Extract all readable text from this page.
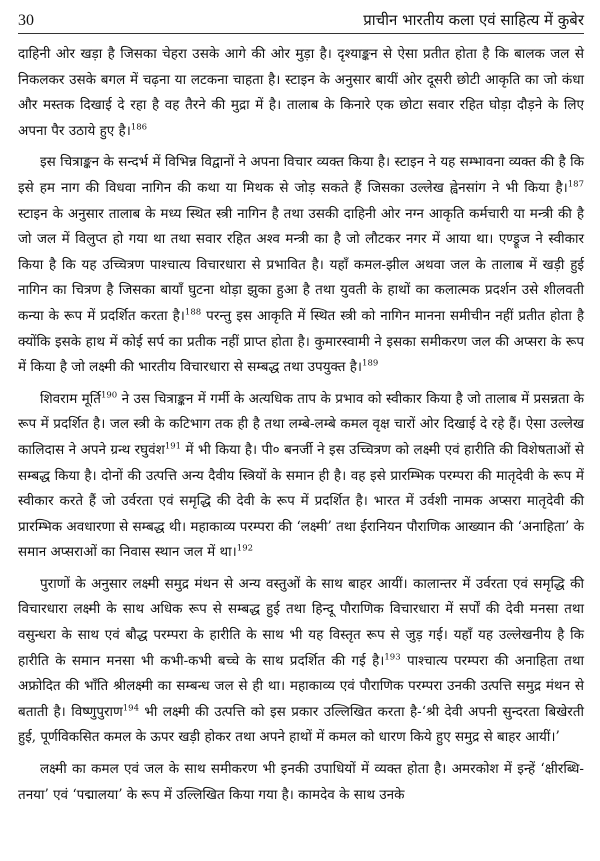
30	प्राचीन भारतीय कला एवं साहित्य में कुबेर

दाहिनी ओर खड़ा है जिसका चेहरा उसके आगे की ओर मुड़ा है। दृश्याङ्कन से ऐसा प्रतीत होता है कि बालक जल से निकलकर उसके बगल में चढ़ना या लटकना चाहता है। स्टाइन के अनुसार बायीं ओर दूसरी छोटी आकृति का जो कंधा और मस्तक दिखाई दे रहा है वह तैरने की मुद्रा में है। तालाब के किनारे एक छोटा सवार रहित घोड़ा दौड़ने के लिए अपना पैर उठाये हुए है।$^{186}$

इस चित्राङ्कन के सन्दर्भ में विभिन्न विद्वानों ने अपना विचार व्यक्त किया है। स्टाइन ने यह सम्भावना व्यक्त की है कि इसे हम नाग की विधवा नागिन की कथा या मिथक से जोड़ सकते हैं जिसका उल्लेख ह्वेनसांग ने भी किया है।$^{187}$ स्टाइन के अनुसार तालाब के मध्य स्थित स्त्री नागिन है तथा उसकी दाहिनी ओर नग्न आकृति कर्मचारी या मन्त्री की है जो जल में विलुप्त हो गया था तथा सवार रहित अश्व मन्त्री का है जो लौटकर नगर में आया था। एण्ड्रूज ने स्वीकार किया है कि यह उच्चित्रण पाश्चात्य विचारधारा से प्रभावित है। यहाँ कमल-झील अथवा जल के तालाब में खड़ी हुई नागिन का चित्रण है जिसका बायाँ घुटना थोड़ा झुका हुआ है तथा युवती के हाथों का कलात्मक प्रदर्शन उसे शीलवती कन्या के रूप में प्रदर्शित करता है।$^{188}$ परन्तु इस आकृति में स्थित स्त्री को नागिन मानना समीचीन नहीं प्रतीत होता है क्योंकि इसके हाथ में कोई सर्प का प्रतीक नहीं प्राप्त होता है। कुमारस्वामी ने इसका समीकरण जल की अप्सरा के रूप में किया है जो लक्ष्मी की भारतीय विचारधारा से सम्बद्ध तथा उपयुक्त है।$^{189}$

शिवराम मूर्ति$^{190}$ ने उस चित्राङ्कन में गर्मी के अत्यधिक ताप के प्रभाव को स्वीकार किया है जो तालाब में प्रसन्नता के रूप में प्रदर्शित है। जल स्त्री के कटिभाग तक ही है तथा लम्बे-लम्बे कमल वृक्ष चारों ओर दिखाई दे रहे हैं। ऐसा उल्लेख कालिदास ने अपने ग्रन्थ रघुवंश$^{191}$ में भी किया है। पी० बनर्जी ने इस उच्चित्रण को लक्ष्मी एवं हारीति की विशेषताओं से सम्बद्ध किया है। दोनों की उत्पत्ति अन्य दैवीय स्त्रियों के समान ही है। वह इसे प्रारम्भिक परम्परा की मातृदेवी के रूप में स्वीकार करते हैं जो उर्वरता एवं समृद्धि की देवी के रूप में प्रदर्शित है। भारत में उर्वशी नामक अप्सरा मातृदेवी की प्रारम्भिक अवधारणा से सम्बद्ध थी। महाकाव्य परम्परा की ‘लक्ष्मी’ तथा ईरानियन पौराणिक आख्यान की ‘अनाहिता’ के समान अप्सराओं का निवास स्थान जल में था।$^{192}$

पुराणों के अनुसार लक्ष्मी समुद्र मंथन से अन्य वस्तुओं के साथ बाहर आयीं। कालान्तर में उर्वरता एवं समृद्धि की विचारधारा लक्ष्मी के साथ अधिक रूप से सम्बद्ध हुई तथा हिन्दू पौराणिक विचारधारा में सर्पों की देवी मनसा तथा वसुन्धरा के साथ एवं बौद्ध परम्परा के हारीति के साथ भी यह विस्तृत रूप से जुड़ गई। यहाँ यह उल्लेखनीय है कि हारीति के समान मनसा भी कभी-कभी बच्चे के साथ प्रदर्शित की गई है।$^{193}$ पाश्चात्य परम्परा की अनाहिता तथा अफ्रोदित की भाँति श्रीलक्ष्मी का सम्बन्ध जल से ही था। महाकाव्य एवं पौराणिक परम्परा उनकी उत्पत्ति समुद्र मंथन से बताती है। विष्णुपुराण$^{194}$ भी लक्ष्मी की उत्पत्ति को इस प्रकार उल्लिखित करता है-‘श्री देवी अपनी सुन्दरता बिखेरती हुई, पूर्णविकसित कमल के ऊपर खड़ी होकर तथा अपने हाथों में कमल को धारण किये हुए समुद्र से बाहर आयीं।’

लक्ष्मी का कमल एवं जल के साथ समीकरण भी इनकी उपाधियों में व्यक्त होता है। अमरकोश में इन्हें ‘क्षीरब्धि-तनया’ एवं ‘पद्मालया’ के रूप में उल्लिखित किया गया है। कामदेव के साथ उनके
